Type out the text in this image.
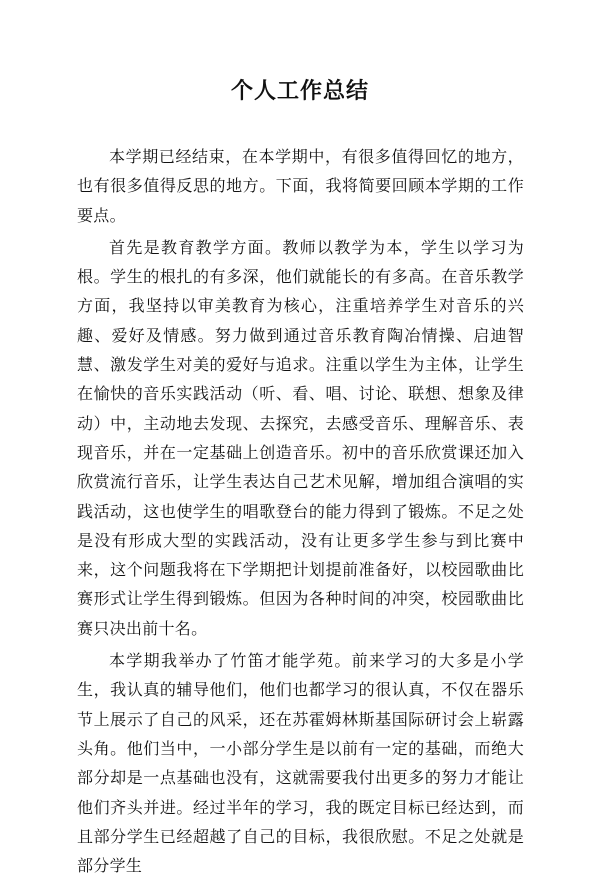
个人工作总结

本学期已经结束，在本学期中，有很多值得回忆的地方，也有很多值得反思的地方。下面，我将简要回顾本学期的工作要点。

首先是教育教学方面。教师以教学为本，学生以学习为根。学生的根扎的有多深，他们就能长的有多高。在音乐教学方面，我坚持以审美教育为核心，注重培养学生对音乐的兴趣、爱好及情感。努力做到通过音乐教育陶冶情操、启迪智慧、激发学生对美的爱好与追求。注重以学生为主体，让学生在愉快的音乐实践活动（听、看、唱、讨论、联想、想象及律动）中，主动地去发现、去探究，去感受音乐、理解音乐、表现音乐，并在一定基础上创造音乐。初中的音乐欣赏课还加入欣赏流行音乐，让学生表达自己艺术见解，增加组合演唱的实践活动，这也使学生的唱歌登台的能力得到了锻炼。不足之处是没有形成大型的实践活动，没有让更多学生参与到比赛中来，这个问题我将在下学期把计划提前准备好，以校园歌曲比赛形式让学生得到锻炼。但因为各种时间的冲突，校园歌曲比赛只决出前十名。

本学期我举办了竹笛才能学苑。前来学习的大多是小学生，我认真的辅导他们，他们也都学习的很认真，不仅在器乐节上展示了自己的风采，还在苏霍姆林斯基国际研讨会上崭露头角。他们当中，一小部分学生是以前有一定的基础，而绝大部分却是一点基础也没有，这就需要我付出更多的努力才能让他们齐头并进。经过半年的学习，我的既定目标已经达到，而且部分学生已经超越了自己的目标，我很欣慰。不足之处就是部分学生
